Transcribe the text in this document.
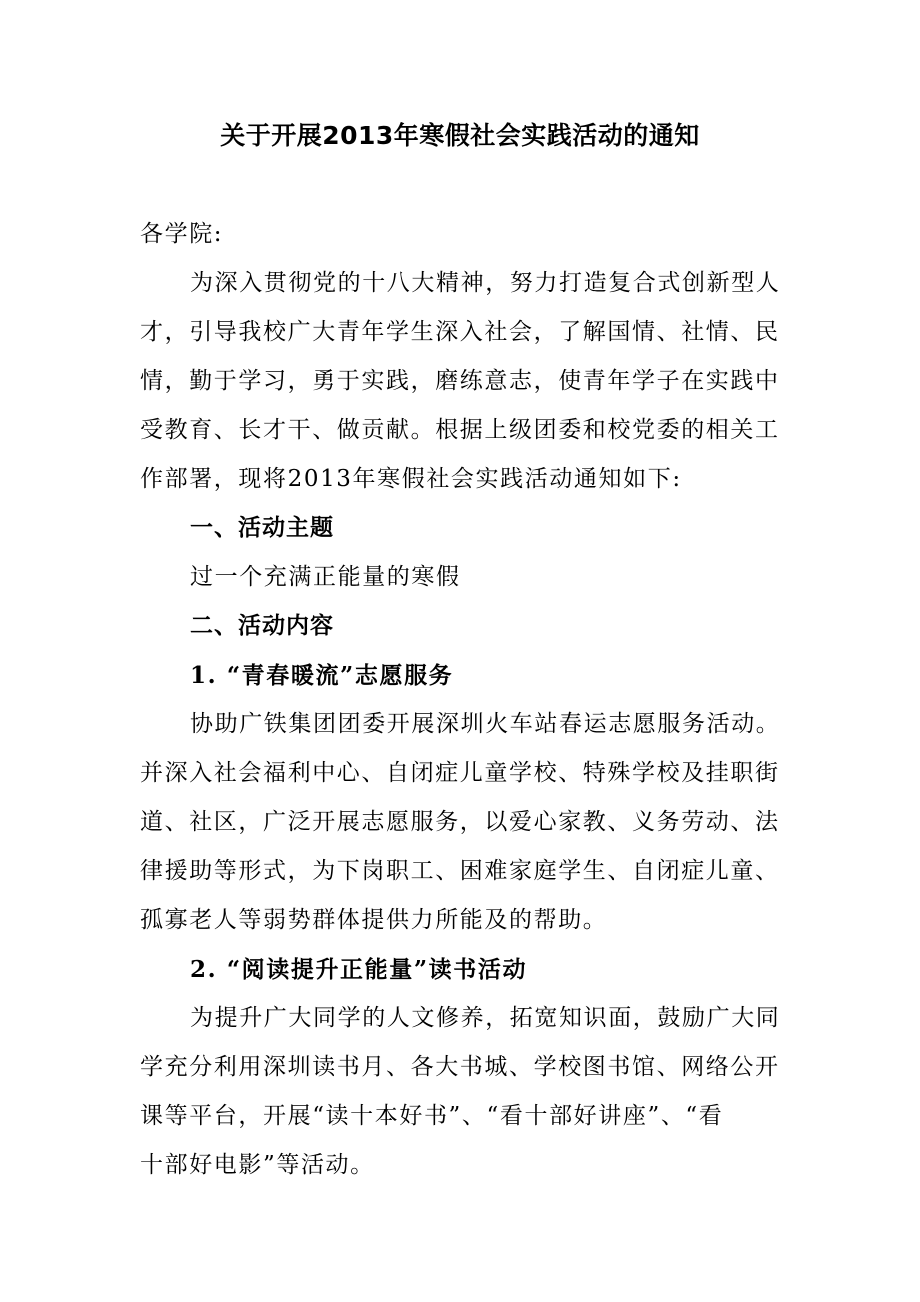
关于开展2013年寒假社会实践活动的通知
各学院:
为深入贯彻党的十八大精神，努力打造复合式创新型人
才，引导我校广大青年学生深入社会，了解国情、社情、民
情，勤于学习，勇于实践，磨练意志，使青年学子在实践中
受教育、长才干、做贡献。根据上级团委和校党委的相关工
作部署，现将2013年寒假社会实践活动通知如下:
一、活动主题
过一个充满正能量的寒假
二、活动内容
1. “青春暖流”志愿服务
协助广铁集团团委开展深圳火车站春运志愿服务活动。
并深入社会福利中心、自闭症儿童学校、特殊学校及挂职街
道、社区，广泛开展志愿服务，以爱心家教、义务劳动、法
律援助等形式，为下岗职工、困难家庭学生、自闭症儿童、
孤寡老人等弱势群体提供力所能及的帮助。
2. “阅读提升正能量”读书活动
为提升广大同学的人文修养，拓宽知识面，鼓励广大同
学充分利用深圳读书月、各大书城、学校图书馆、网络公开
课等平台，开展“读十本好书”、“看十部好讲座”、“看
十部好电影”等活动。
